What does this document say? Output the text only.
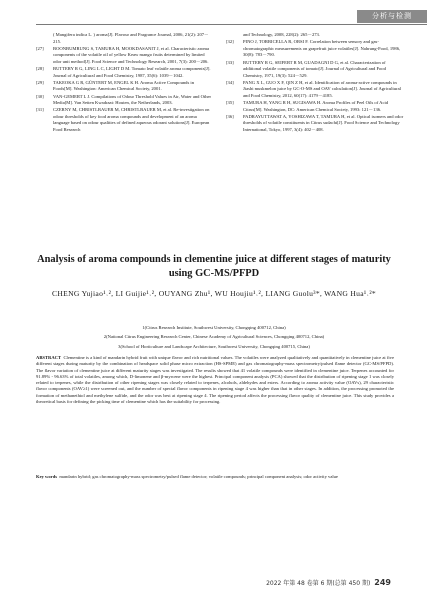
分析与检测
( Mangifera indica L. ) aroma[J]. Flavour and Fragrance Journal, 2006, 21(2): 207－215.
[27]	BOONBUMRUNG S, TAMURA H, MOOKDASANIT J, et al. Characteristic aroma components of the volatile oil of yellow Keaw mango fruits determined by limited odor unit method[J]. Food Science and Technology Research, 2001, 7(3): 200－206.
[28]	BUTTERY R G, LING L C, LIGHT D M. Tomato leaf volatile aroma components[J]. Journal of Agricultural and Food Chemistry, 1987, 35(6): 1039－1042.
[29]	TAKEOKA G R, GÜNTERT M, ENGEL K H. Aroma Active Compounds in Foods[M]. Washington: American Chemical Society, 2001.
[30]	VAN-GEMERT L J. Compilations of Odour Threshold Values in Air, Water and Other Media[M]. Van Setten Kwadraat: Houten, the Netherlands, 2003.
[31]	CZERNY M, CHRISTLBAUER M, CHRISTLBAUER M, et al. Re-investigation on odour thresholds of key food aroma compounds and development of an aroma language based on odour qualities of defined aqueous odorant solutions[J]. European Food Research
and Technology, 2008, 228(2): 265－273.
[32]	PINO J, TORRICELLA R, ORSI F. Correlation between sensory and gas-chromatographic measurements on grapefruit juice volatiles[J]. Nahrung-Food, 1986, 30(8): 783－790.
[33]	BUTTERY R G, SEIFERT R M, GUADAGNI D G, et al. Characterization of additional volatile components of tomato[J]. Journal of Agricultural and Food Chemistry, 1971, 19(3): 524－529.
[34]	PANG X L, GUO X F, QIN Z H, et al. Identification of aroma-active compounds in Jiashi muskmelon juice by GC-O-MS and OAV calculation[J]. Journal of Agricultural and Food Chemistry, 2012, 60(17): 4179－4185.
[35]	TAMURA H, YANG R H, SUGISAWA H. Aroma Profiles of Peel Oils of Acid Citrus[M]. Washington, DC: American Chemical Society, 1993: 121－136.
[36]	PADRAYUTTAWAT A, YOSHIZAWA T, TAMURA H, et al. Optical isomers and odor thresholds of volatile constituents in Citrus sudachi[J]. Food Science and Technology International, Tokyo, 1997, 3(4): 402－408.
Analysis of aroma compounds in clementine juice at different stages of maturity using GC-MS/PFPD
CHENG Yujiao¹˒², LI Guijie¹˒², OUYANG Zhu¹, WU Houjiu¹˒², LIANG Guolu³*, WANG Hua¹˒²*
1(Citrus Research Institute, Southwest University, Chongqing 400712, China)
2(National Citrus Engineering Research Center, Chinese Academy of Agricultural Sciences, Chongqing 400712, China)
3(School of Horticulture and Landscape Architecture, Southwest University, Chongqing 400715, China)
ABSTRACT Clementine is a kind of mandarin hybrid fruit with unique flavor and rich nutritional values. The volatiles were analyzed qualitatively and quantitatively in clementine juice at five different stages during maturity by the combination of headspace solid phase micro extraction (HS-SPME) and gas chromatography-mass spectrometry/pulsed flame detector (GC-MS/PFPD). The flavor variation of clementine juice at different maturity stages was investigated. The results showed that 41 volatile compounds were identified in clementine juice. Terpenes accounted for 91.89% - 96.63% of total volatiles, among which, D-limonene and β-myrcene were the highest. Principal component analysis (PCA) showed that the distribution of ripening stage 1 was closely related to terpenes, while the distribution of other ripening stages was closely related to terpenes, alcohols, aldehydes and esters. According to aroma activity value (OAVs), 29 characteristic flavor components (OAV≥1) were screened out, and the number of special flavor components in ripening stage 4 was higher than that in other stages. In addition, the processing promoted the formation of methanethiol and methylene sulfide, and the odor was best at ripening stage 4. The ripening period affects the processing flavor quality of clementine juice. This study provides a theoretical basis for defining the picking time of clementine which has the suitability for processing.
Key words mandarin hybrid; gas chromatography-mass spectrometry/pulsed flame detector; volatile compounds; principal component analysis; odor activity value
2022 年第 48 卷第 6 期(总第 450 期) 249
